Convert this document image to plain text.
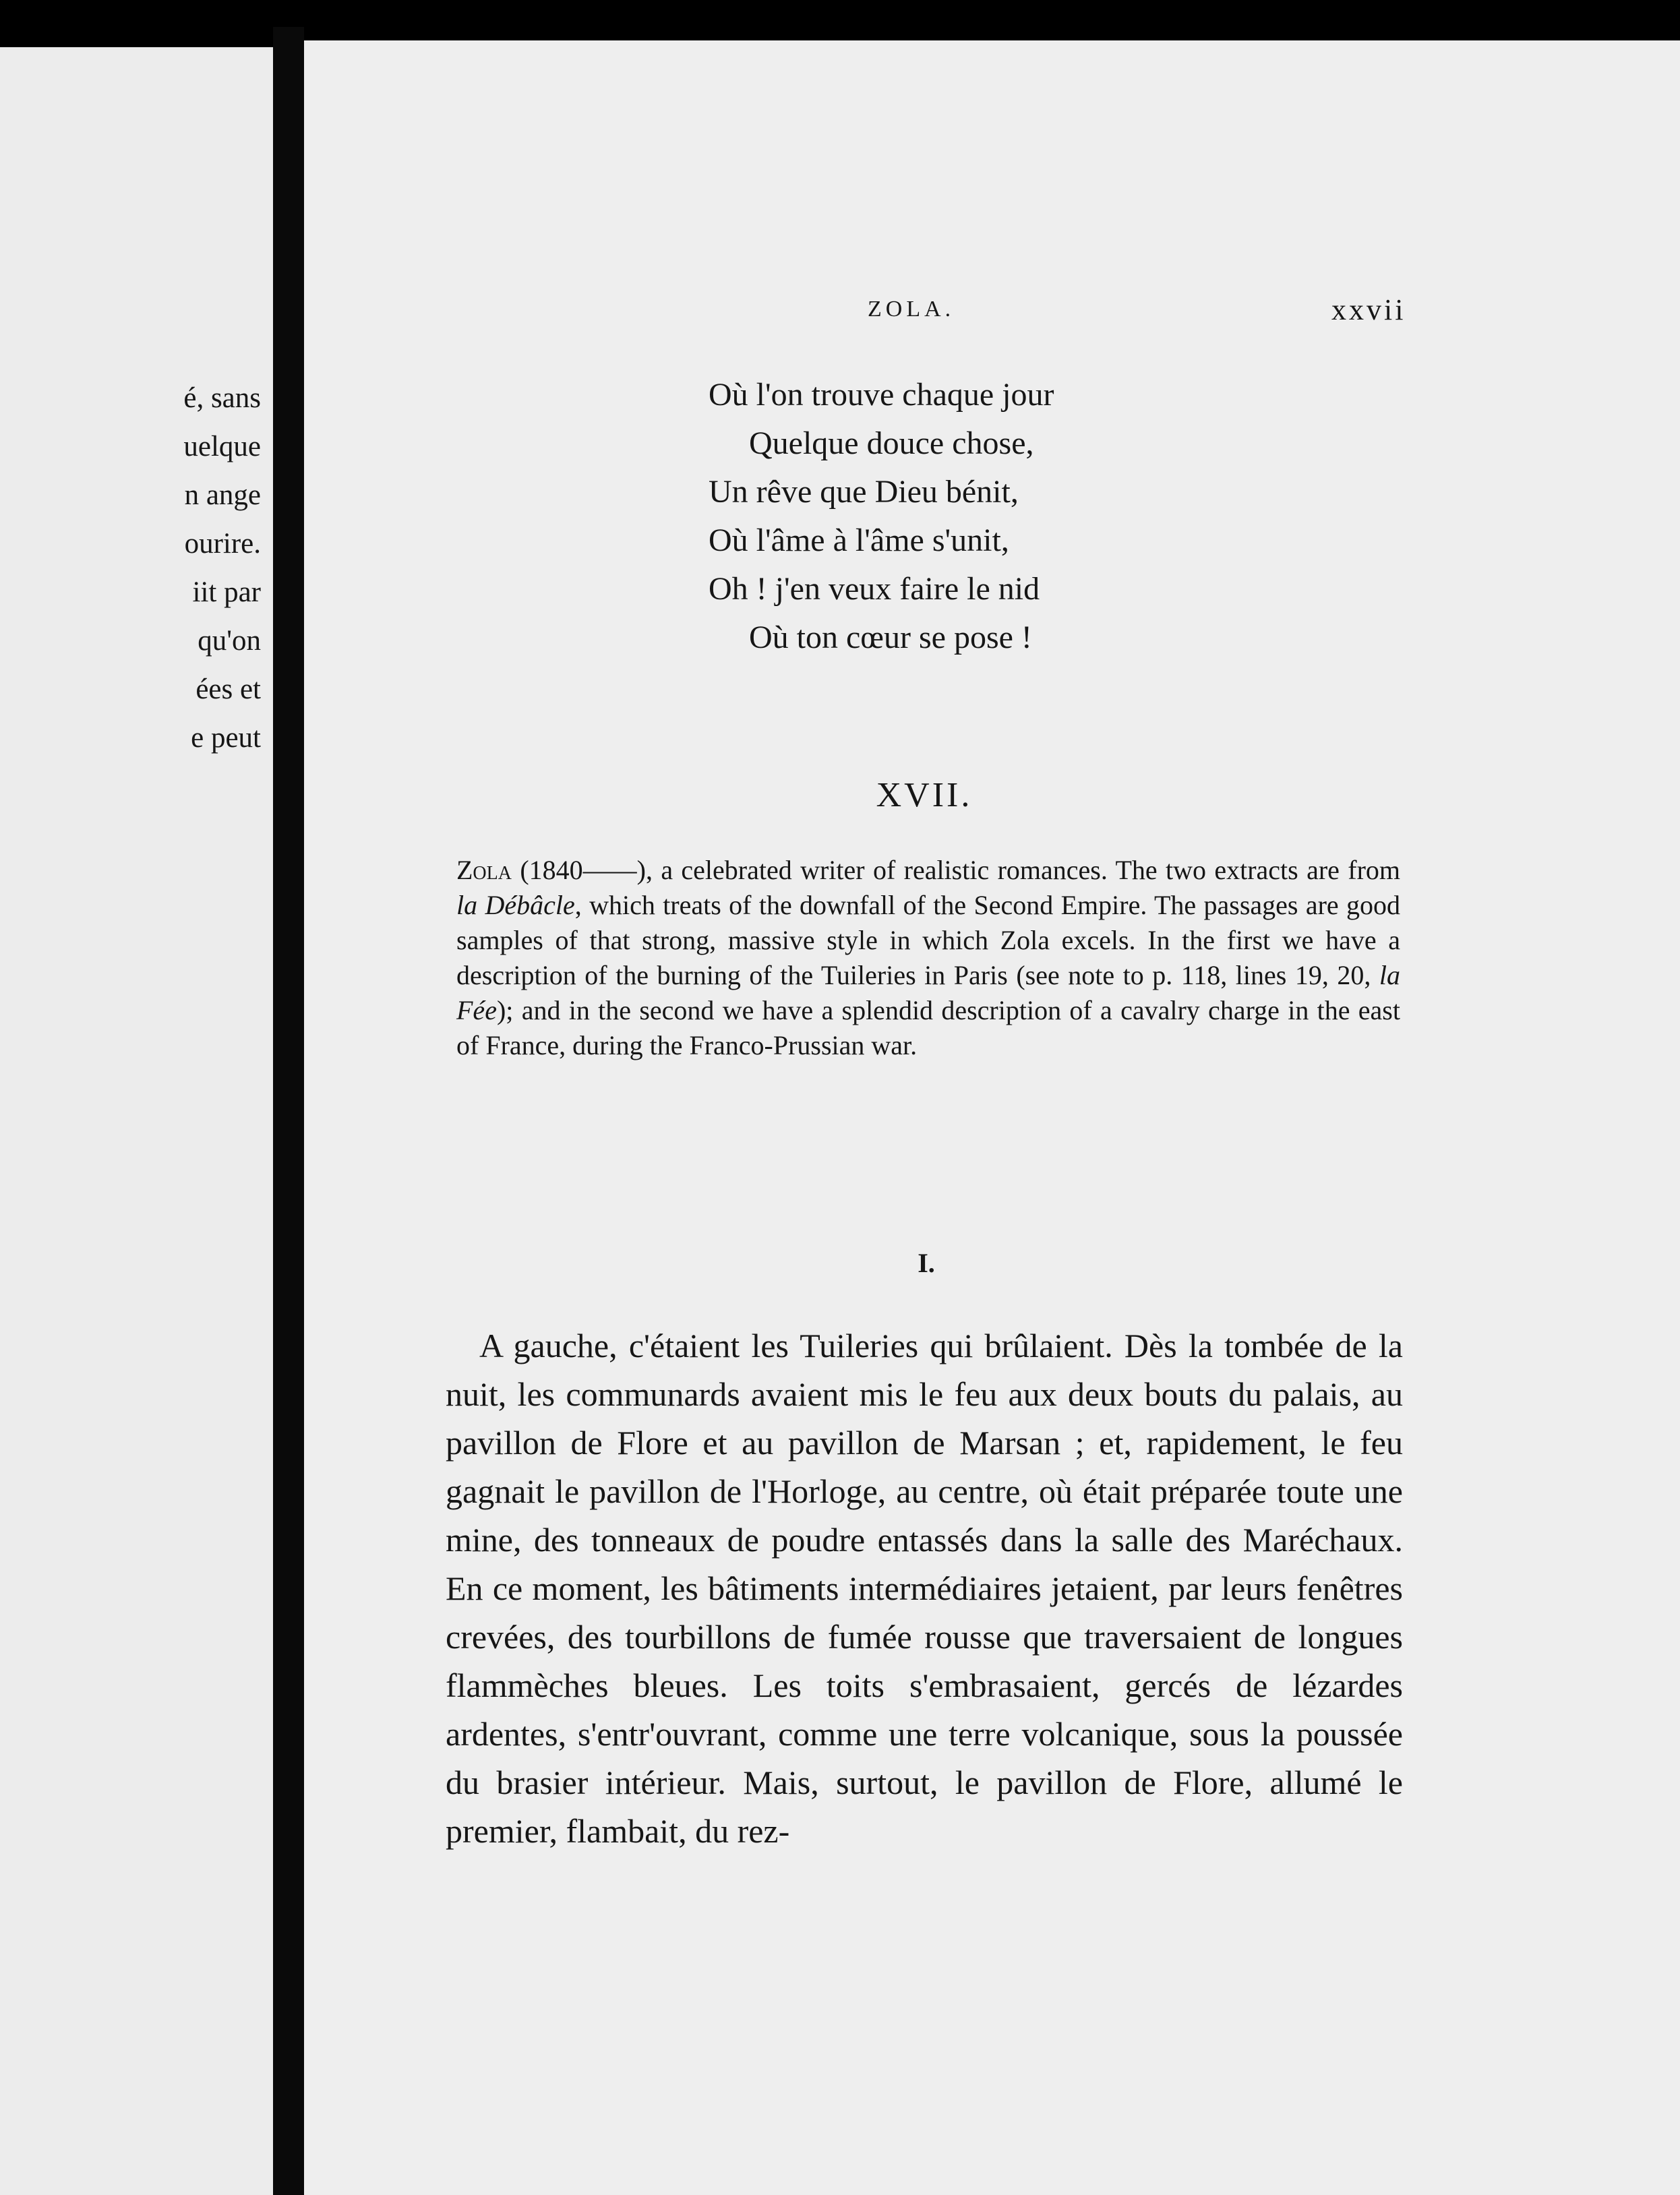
é, sans
uelque
n ange
ourire.
iit par
qu'on
ées et
e peut
ZOLA.	xxvii
Où l'on trouve chaque jour
Quelque douce chose,
Un rêve que Dieu bénit,
Où l'âme à l'âme s'unit,
Oh ! j'en veux faire le nid
Où ton cœur se pose !
XVII.
Zola (1840——), a celebrated writer of realistic romances. The two extracts are from la Débâcle, which treats of the downfall of the Second Empire. The passages are good samples of that strong, massive style in which Zola excels. In the first we have a description of the burning of the Tuileries in Paris (see note to p. 118, lines 19, 20, la Fée); and in the second we have a splendid description of a cavalry charge in the east of France, during the Franco-Prussian war.
I.
A gauche, c'étaient les Tuileries qui brûlaient. Dès la tombée de la nuit, les communards avaient mis le feu aux deux bouts du palais, au pavillon de Flore et au pavillon de Marsan ; et, rapidement, le feu gagnait le pavillon de l'Horloge, au centre, où était préparée toute une mine, des tonneaux de poudre entassés dans la salle des Maréchaux. En ce moment, les bâtiments intermédiaires jetaient, par leurs fenêtres crevées, des tourbillons de fumée rousse que traversaient de longues flammèches bleues. Les toits s'embrasaient, gercés de lézardes ardentes, s'entr'ouvrant, comme une terre volcanique, sous la poussée du brasier intérieur. Mais, surtout, le pavillon de Flore, allumé le premier, flambait, du rez-
